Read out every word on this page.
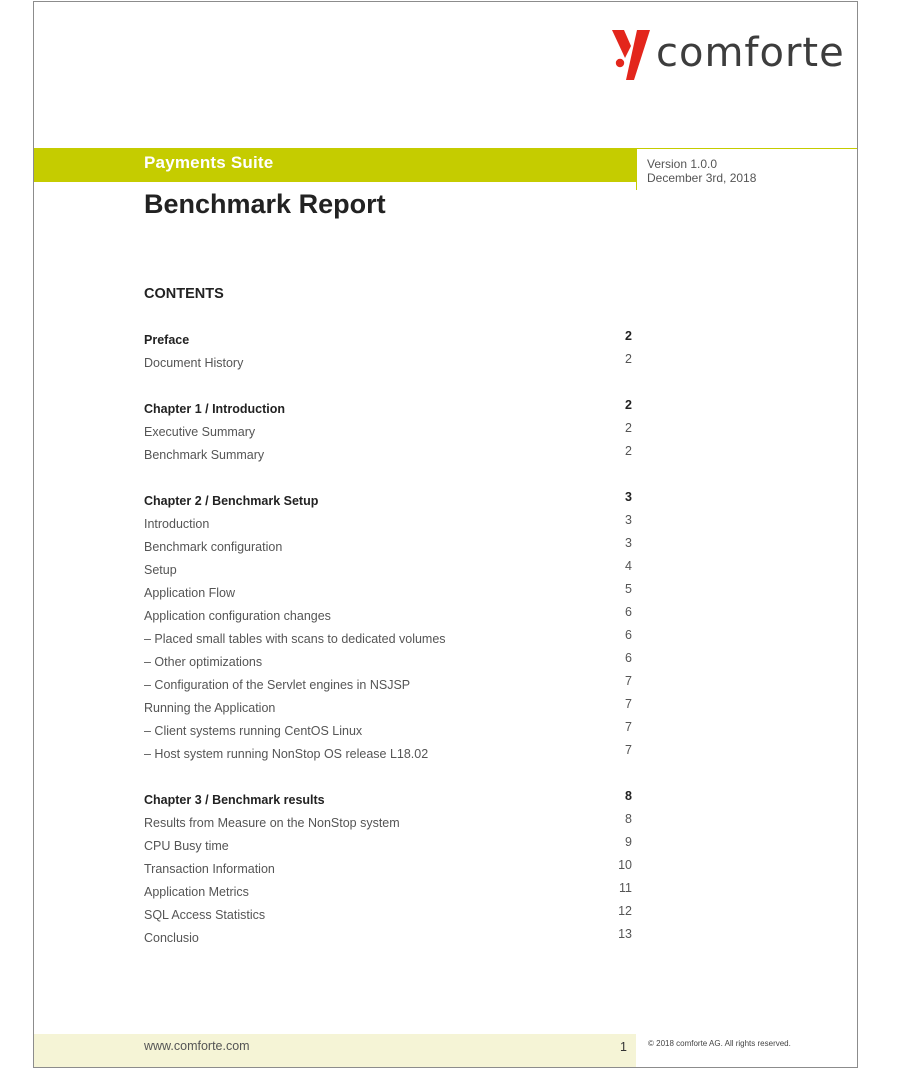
comforte
Payments Suite	Version 1.0.0
December 3rd, 2018
Benchmark Report
CONTENTS
Preface	2
Document History	2
Chapter 1 / Introduction	2
Executive Summary	2
Benchmark Summary	2
Chapter 2 / Benchmark Setup	3
Introduction	3
Benchmark configuration	3
Setup	4
Application Flow	5
Application configuration changes	6
– Placed small tables with scans to dedicated volumes	6
– Other optimizations	6
– Configuration of the Servlet engines in NSJSP	7
Running the Application	7
– Client systems running CentOS Linux	7
– Host system running NonStop OS release L18.02	7
Chapter 3 / Benchmark results	8
Results from Measure on the NonStop system	8
CPU Busy time	9
Transaction Information	10
Application Metrics	11
SQL Access Statistics	12
Conclusio	13
www.comforte.com	1	© 2018 comforte AG. All rights reserved.
